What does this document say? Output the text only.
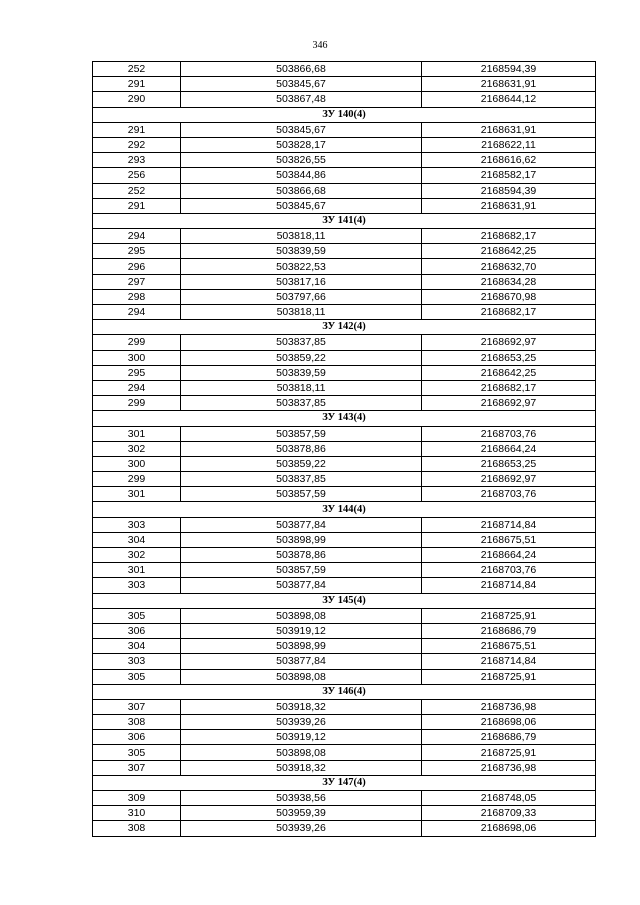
346
252	503866,68	2168594,39
291	503845,67	2168631,91
290	503867,48	2168644,12
ЗУ 140(4)		
291	503845,67	2168631,91
292	503828,17	2168622,11
293	503826,55	2168616,62
256	503844,86	2168582,17
252	503866,68	2168594,39
291	503845,67	2168631,91
ЗУ 141(4)		
294	503818,11	2168682,17
295	503839,59	2168642,25
296	503822,53	2168632,70
297	503817,16	2168634,28
298	503797,66	2168670,98
294	503818,11	2168682,17
ЗУ 142(4)		
299	503837,85	2168692,97
300	503859,22	2168653,25
295	503839,59	2168642,25
294	503818,11	2168682,17
299	503837,85	2168692,97
ЗУ 143(4)		
301	503857,59	2168703,76
302	503878,86	2168664,24
300	503859,22	2168653,25
299	503837,85	2168692,97
301	503857,59	2168703,76
ЗУ 144(4)		
303	503877,84	2168714,84
304	503898,99	2168675,51
302	503878,86	2168664,24
301	503857,59	2168703,76
303	503877,84	2168714,84
ЗУ 145(4)		
305	503898,08	2168725,91
306	503919,12	2168686,79
304	503898,99	2168675,51
303	503877,84	2168714,84
305	503898,08	2168725,91
ЗУ 146(4)		
307	503918,32	2168736,98
308	503939,26	2168698,06
306	503919,12	2168686,79
305	503898,08	2168725,91
307	503918,32	2168736,98
ЗУ 147(4)		
309	503938,56	2168748,05
310	503959,39	2168709,33
308	503939,26	2168698,06
